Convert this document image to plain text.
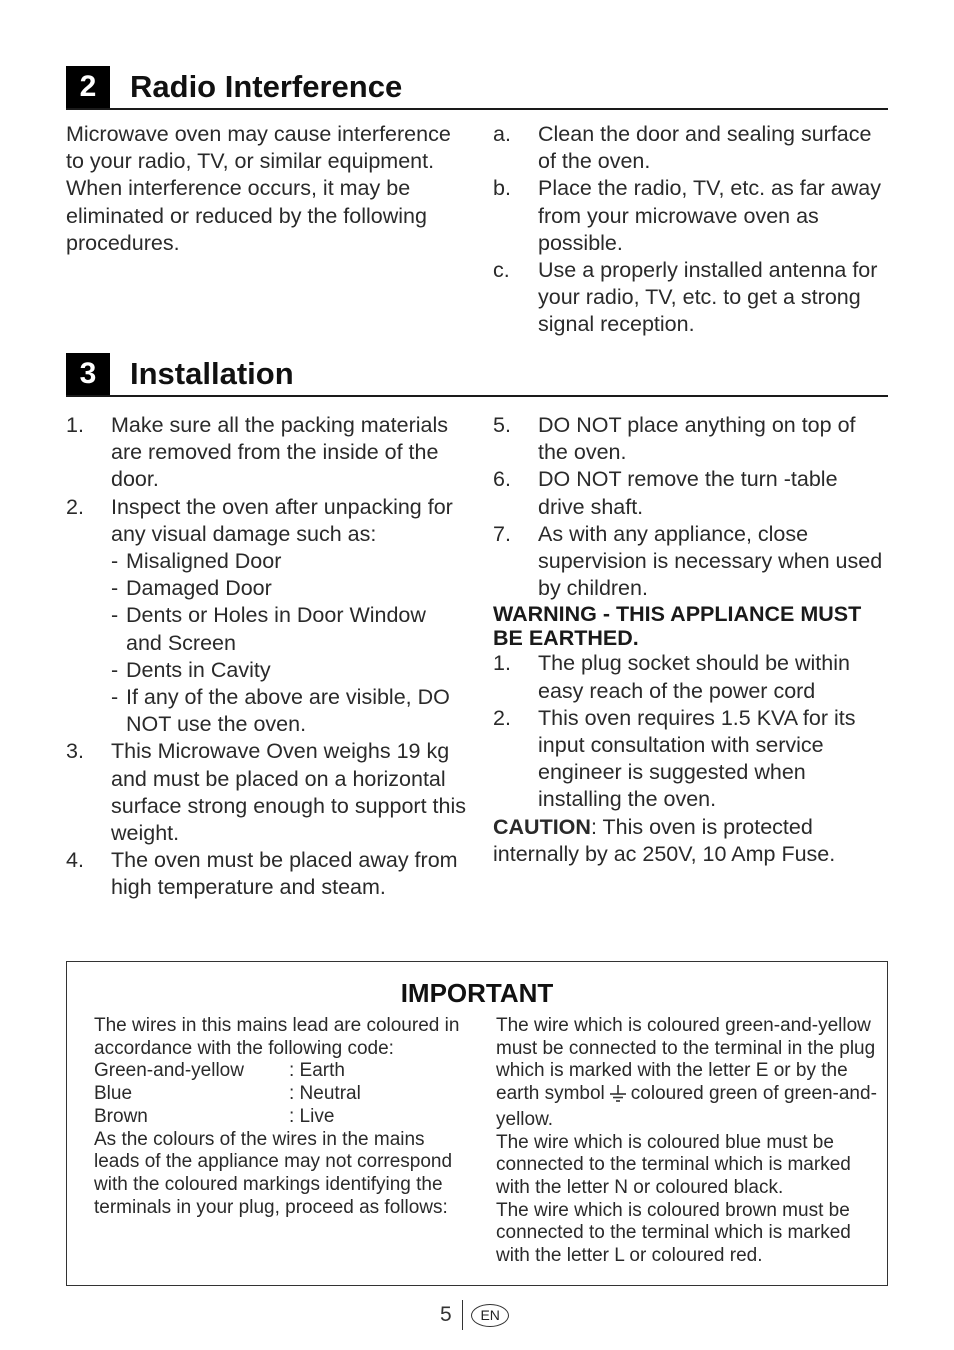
2	Radio Interference

Microwave oven may cause interference to your radio, TV, or similar equipment. When interference occurs, it may be eliminated or reduced by the following procedures.

a.	Clean the door and sealing surface of the oven.
b.	Place the radio, TV, etc. as far away from your microwave oven as possible.
c.	Use a properly installed antenna for your radio, TV, etc. to get a strong signal reception.
3	Installation
1.	Make sure all the packing materials are removed from the inside of the door.
2.	Inspect the oven after unpacking for any visual damage such as:
- Misaligned Door
- Damaged Door
- Dents or Holes in Door Window and Screen
- Dents in Cavity
- If any of the above are visible, DO NOT use the oven.
3.	This Microwave Oven weighs 19 kg and must be placed on a horizontal surface strong enough to support this weight.
4.	The oven must be placed away from high temperature and steam.
5.	DO NOT place anything on top of the oven.
6.	DO NOT remove the turn -table drive shaft.
7.	As with any appliance, close supervision is necessary when used by children.

WARNING - THIS APPLIANCE MUST BE EARTHED.

1.	The plug socket should be within easy reach of the power cord
2.	This oven requires 1.5 KVA for its input consultation with service engineer is suggested when installing the oven.

CAUTION: This oven is protected internally by ac 250V, 10 Amp Fuse.

IMPORTANT

The wires in this mains lead are coloured in accordance with the following code:

Green-and-yellow	: Earth
Blue	: Neutral
Brown	: Live

As the colours of the wires in the mains leads of the appliance may not correspond with the coloured markings identifying the terminals in your plug, proceed as follows:

The wire which is coloured green-and-yellow must be connected to the terminal in the plug which is marked with the letter E or by the earth symbol coloured green of green-and-yellow.

The wire which is coloured blue must be connected to the terminal which is marked with the letter N or coloured black.

The wire which is coloured brown must be connected to the terminal which is marked with the letter L or coloured red.

5	EN
